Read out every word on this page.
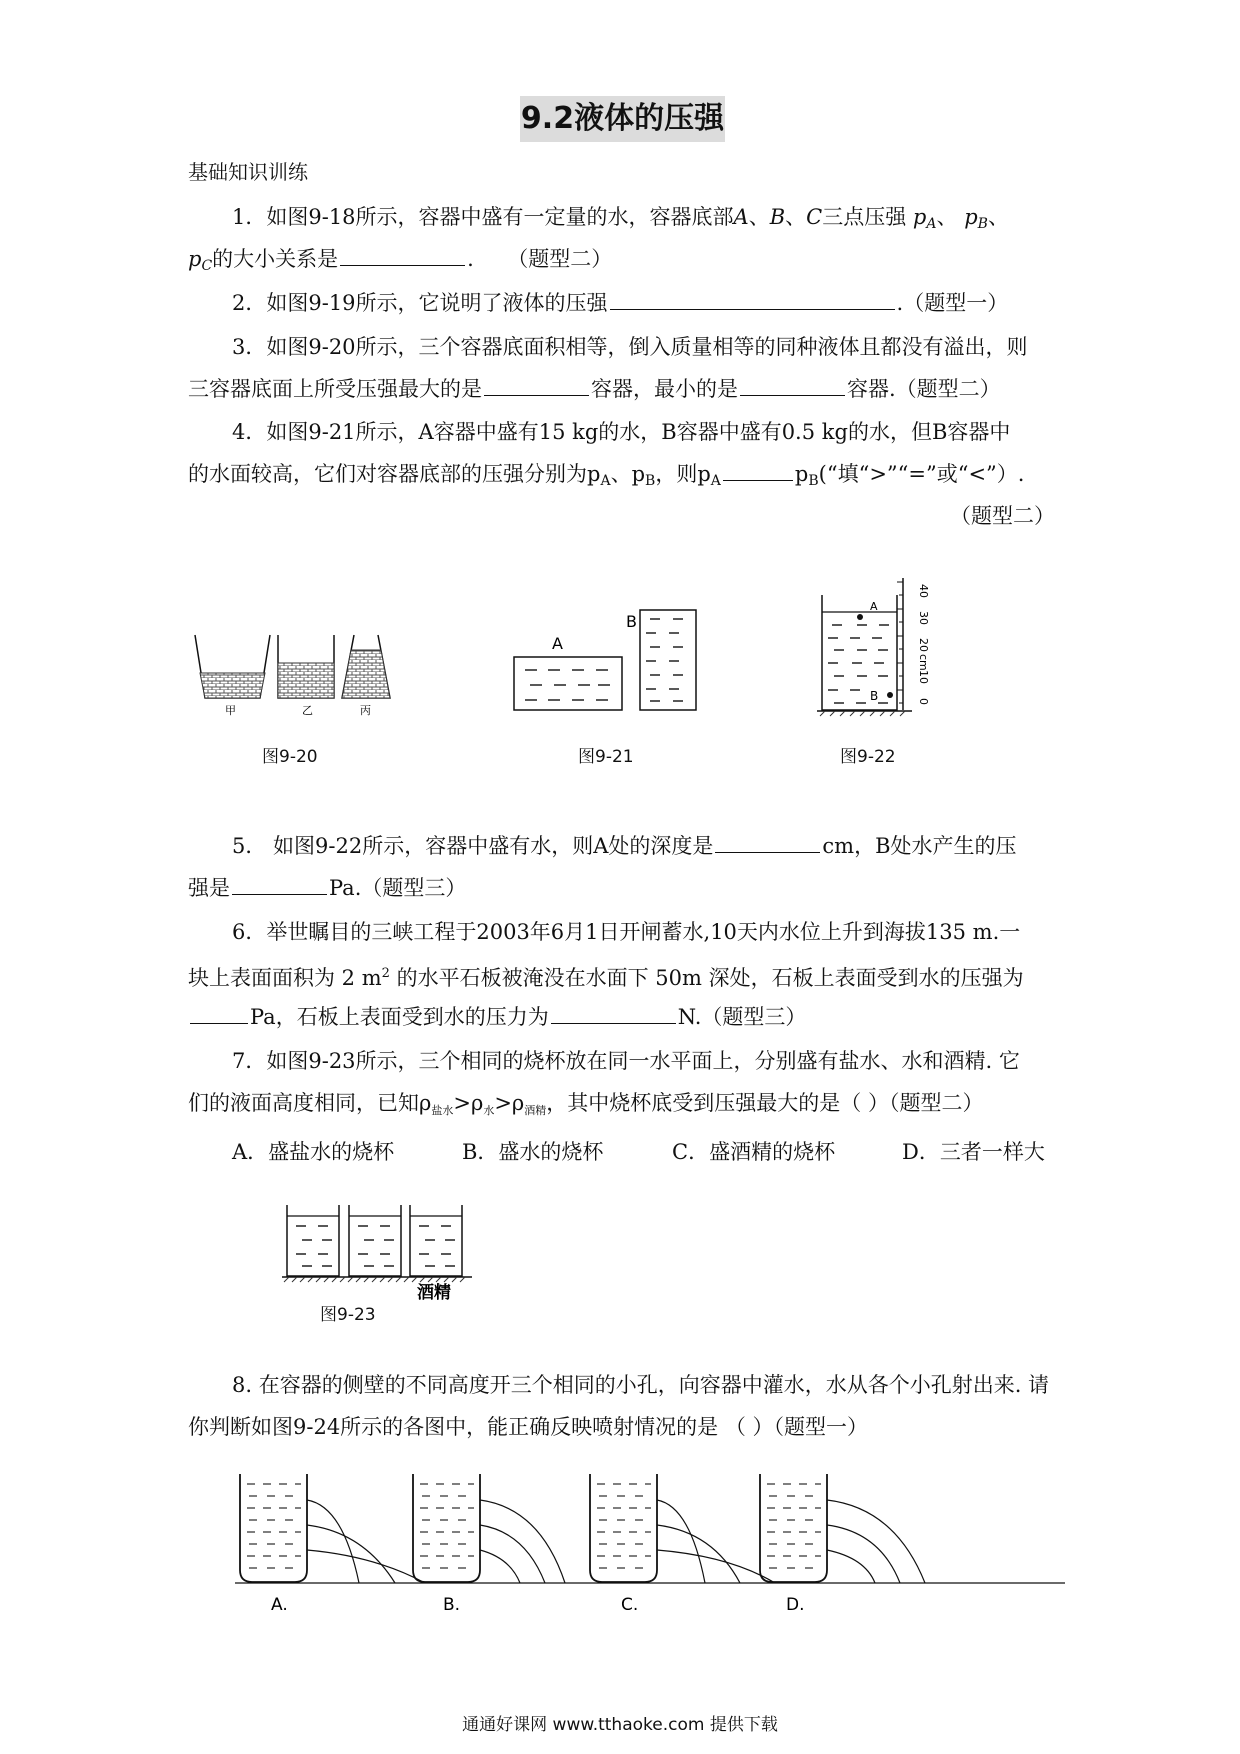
9.2液体的压强
基础知识训练
1．如图9-18所示，容器中盛有一定量的水，容器底部A、B、C三点压强 $p_A$、 $p_B$、
$p_C$的大小关系是	. （题型二）
2．如图9-19所示，它说明了液体的压强	.（题型一）
3．如图9-20所示，三个容器底面积相等，倒入质量相等的同种液体且都没有溢出，则
三容器底面上所受压强最大的是	容器，最小的是	容器.（题型二）
4．如图9-21所示，A容器中盛有15 kg的水，B容器中盛有0.5 kg的水，但B容器中
的水面较高，它们对容器底部的压强分别为$p_A$、$p_B$，则$p_A$	$p_B(“$填“>”“=”或“<”）.
（题型二）
甲	乙	丙
图9-20
A
B
图9-21
A
B
40
30
20
cm
10
0
图9-22
5． 如图9-22所示，容器中盛有水，则A处的深度是	cm，B处水产生的压
强是	Pa.（题型三）
6．举世瞩目的三峡工程于2003年6月1日开闸蓄水,10天内水位上升到海拔135 m.一
块上表面面积为 2 $m^2$ 的水平石板被淹没在水面下 50m 深处，石板上表面受到水的压强为
Pa，石板上表面受到水的压力为	N.（题型三）
7．如图9-23所示，三个相同的烧杯放在同一水平面上，分别盛有盐水、水和酒精. 它
们的液面高度相同，已知$\rho_{盐水}>\rho_水>\rho_{酒精}$，其中烧杯底受到压强最大的是（ ）（题型二）
A．盛盐水的烧杯	B．盛水的烧杯	C．盛酒精的烧杯	D．三者一样大
酒精
图9-23
8. 在容器的侧壁的不同高度开三个相同的小孔，向容器中灌水，水从各个小孔射出来. 请
你判断如图9-24所示的各图中，能正确反映喷射情况的是 （ ）（题型一）
A.	B.	C.	D.
通通好课网 www.tthaoke.com 提供下载
